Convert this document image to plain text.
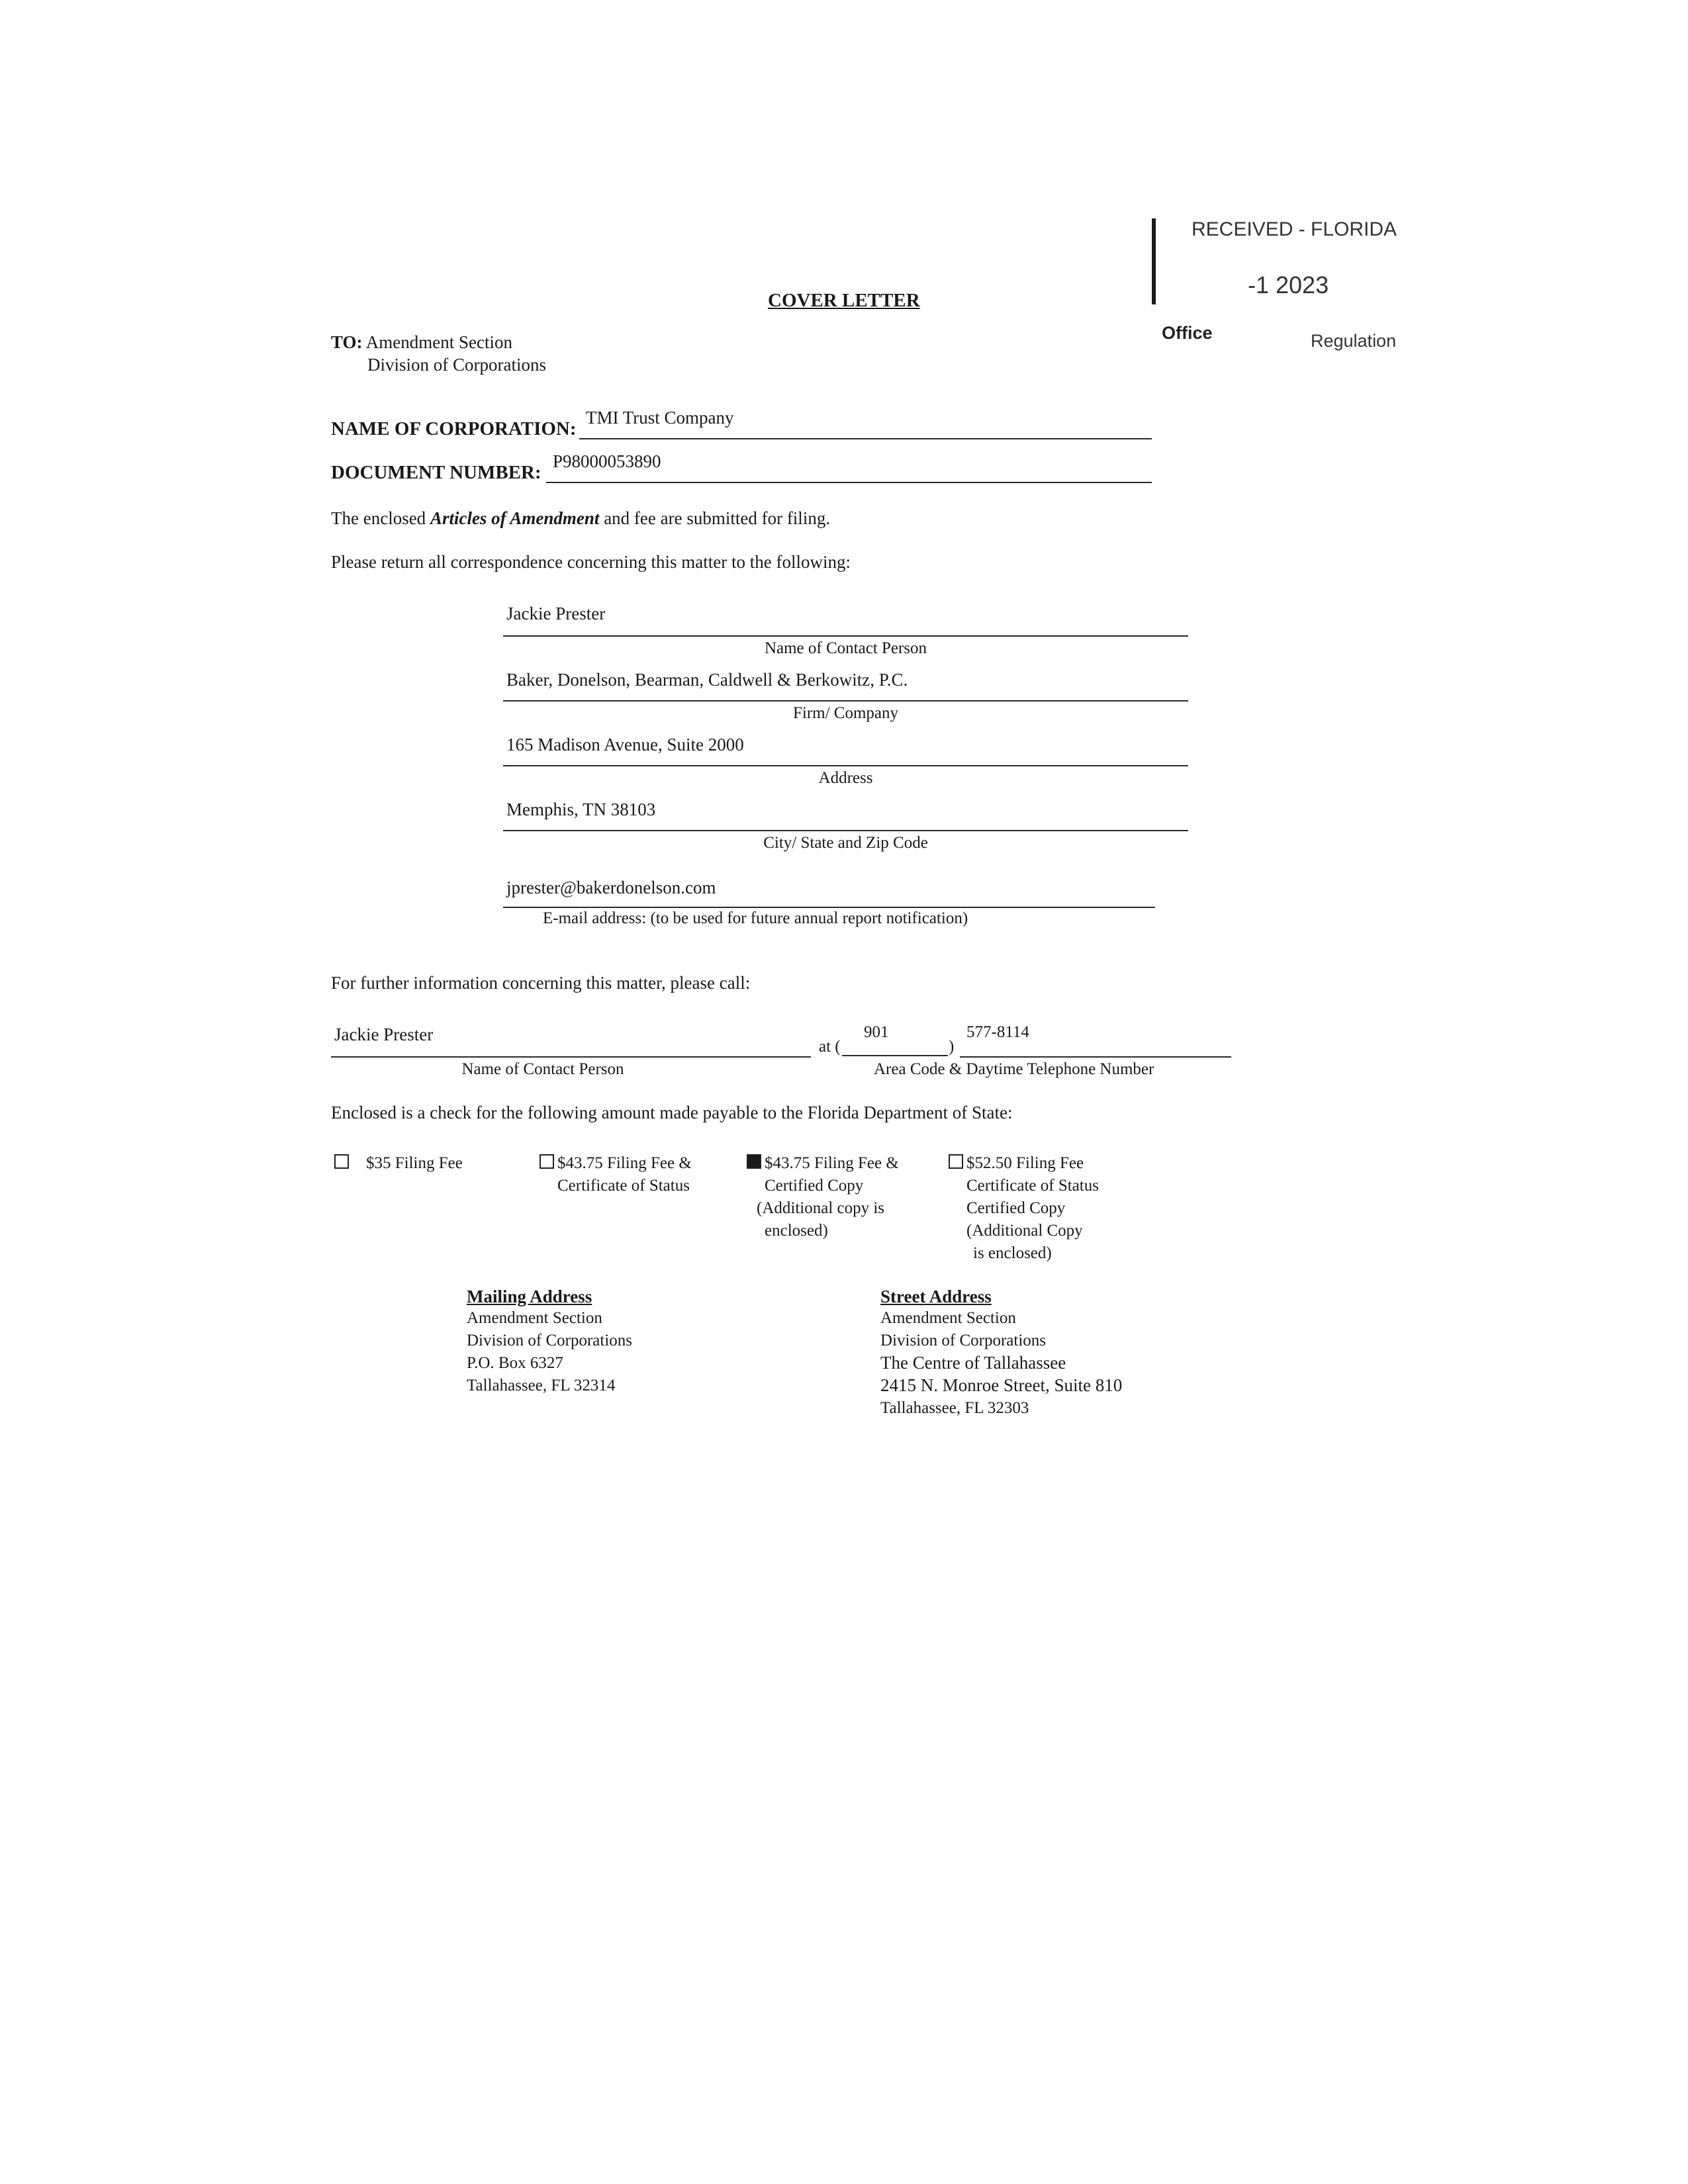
RECEIVED - FLORIDA
-1 2023
Office	Regulation
COVER LETTER
TO: Amendment Section
Division of Corporations
NAME OF CORPORATION:
TMI Trust Company
DOCUMENT NUMBER:
P98000053890
The enclosed Articles of Amendment and fee are submitted for filing.
Please return all correspondence concerning this matter to the following:
Jackie Prester
Name of Contact Person
Baker, Donelson, Bearman, Caldwell & Berkowitz, P.C.
Firm/ Company
165 Madison Avenue, Suite 2000
Address
Memphis, TN 38103
City/ State and Zip Code
jprester@bakerdonelson.com
E-mail address: (to be used for future annual report notification)
For further information concerning this matter, please call:
Jackie Prester
Name of Contact Person
at (
901
)
577-8114
Area Code & Daytime Telephone Number
Enclosed is a check for the following amount made payable to the Florida Department of State:
$35 Filing Fee	$43.75 Filing Fee &
Certificate of Status
$43.75 Filing Fee &
Certified Copy
(Additional copy is
enclosed)
$52.50 Filing Fee
Certificate of Status
Certified Copy
(Additional Copy
is enclosed)
Mailing Address
Amendment Section
Division of Corporations
P.O. Box 6327
Tallahassee, FL 32314
Street Address
Amendment Section
Division of Corporations
The Centre of Tallahassee
2415 N. Monroe Street, Suite 810
Tallahassee, FL 32303
